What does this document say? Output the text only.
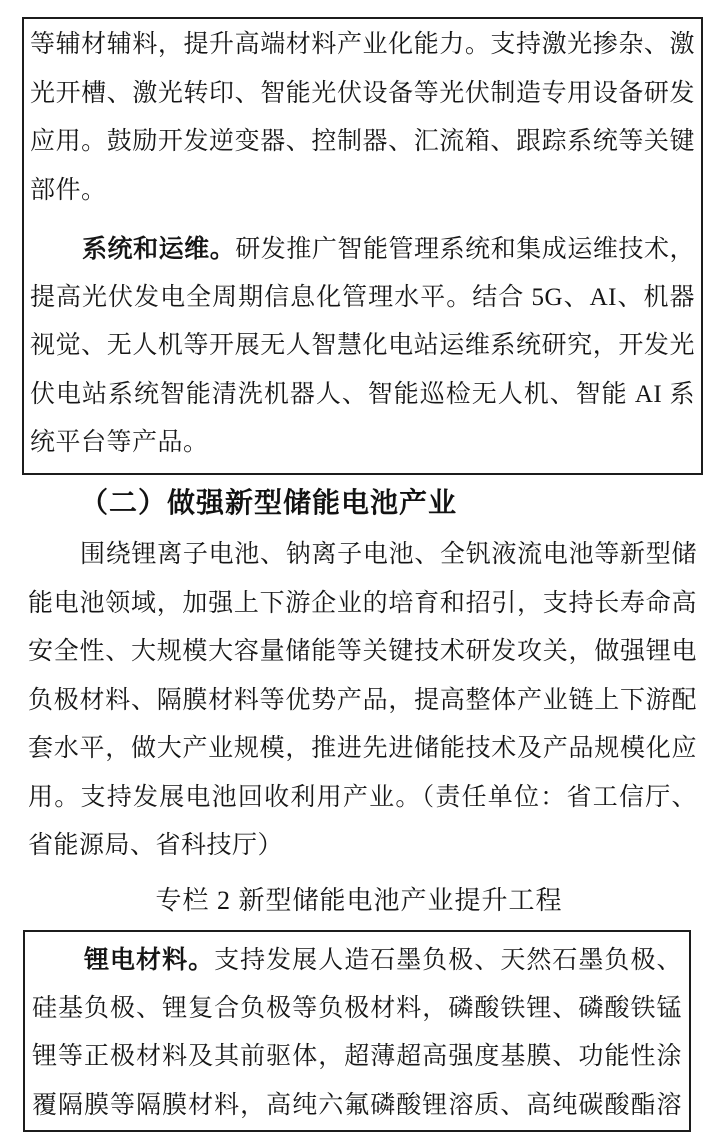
等辅材辅料，提升高端材料产业化能力。支持激光掺杂、激
光开槽、激光转印、智能光伏设备等光伏制造专用设备研发
应用。鼓励开发逆变器、控制器、汇流箱、跟踪系统等关键
部件。
系统和运维。研发推广智能管理系统和集成运维技术，
提高光伏发电全周期信息化管理水平。结合 5G、AI、机器
视觉、无人机等开展无人智慧化电站运维系统研究，开发光
伏电站系统智能清洗机器人、智能巡检无人机、智能 AI 系
统平台等产品。
（二）做强新型储能电池产业
围绕锂离子电池、钠离子电池、全钒液流电池等新型储
能电池领域，加强上下游企业的培育和招引，支持长寿命高
安全性、大规模大容量储能等关键技术研发攻关，做强锂电
负极材料、隔膜材料等优势产品，提高整体产业链上下游配
套水平，做大产业规模，推进先进储能技术及产品规模化应
用。支持发展电池回收利用产业。（责任单位：省工信厅、
省能源局、省科技厅）
专栏 2 新型储能电池产业提升工程
锂电材料。支持发展人造石墨负极、天然石墨负极、
硅基负极、锂复合负极等负极材料，磷酸铁锂、磷酸铁锰
锂等正极材料及其前驱体，超薄超高强度基膜、功能性涂
覆隔膜等隔膜材料，高纯六氟磷酸锂溶质、高纯碳酸酯溶
